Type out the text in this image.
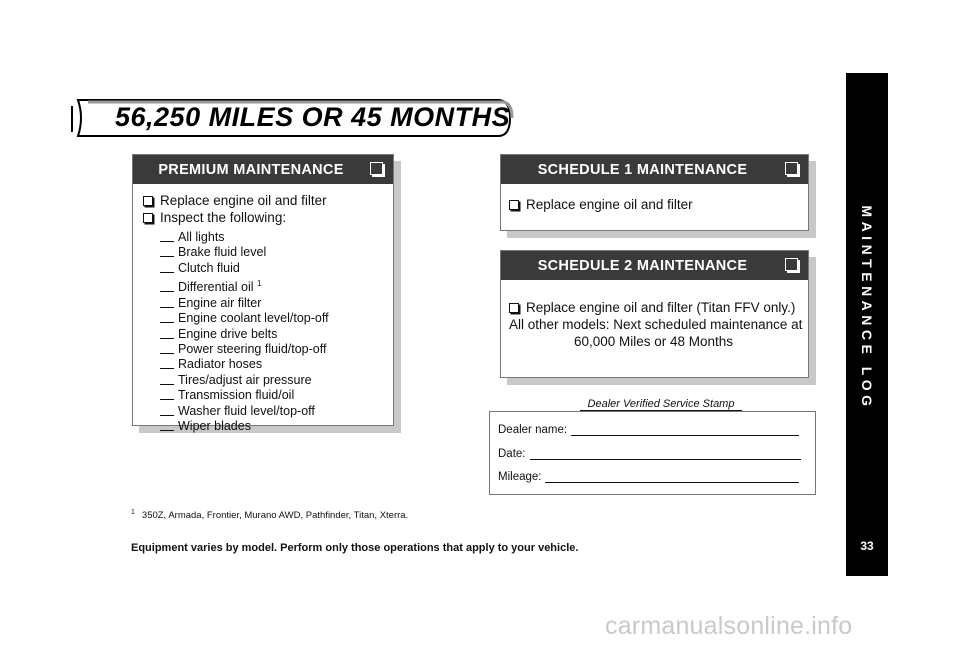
56,250 MILES OR 45 MONTHS
PREMIUM MAINTENANCE
Replace engine oil and filter
Inspect the following:
All lights
Brake fluid level
Clutch fluid
Differential oil $^1$
Engine air filter
Engine coolant level/top-off
Engine drive belts
Power steering fluid/top-off
Radiator hoses
Tires/adjust air pressure
Transmission fluid/oil
Washer fluid level/top-off
Wiper blades
SCHEDULE 1 MAINTENANCE
Replace engine oil and filter
SCHEDULE 2 MAINTENANCE
Replace engine oil and filter (Titan FFV only.)
All other models: Next scheduled maintenance at
60,000 Miles or 48 Months
Dealer Verified Service Stamp
Dealer name:
Date:
Mileage:
$^1$ 350Z, Armada, Frontier, Murano AWD, Pathfinder, Titan, Xterra.
Equipment varies by model. Perform only those operations that apply to your vehicle.
MAINTENANCE LOG
33
carmanualsonline.info
